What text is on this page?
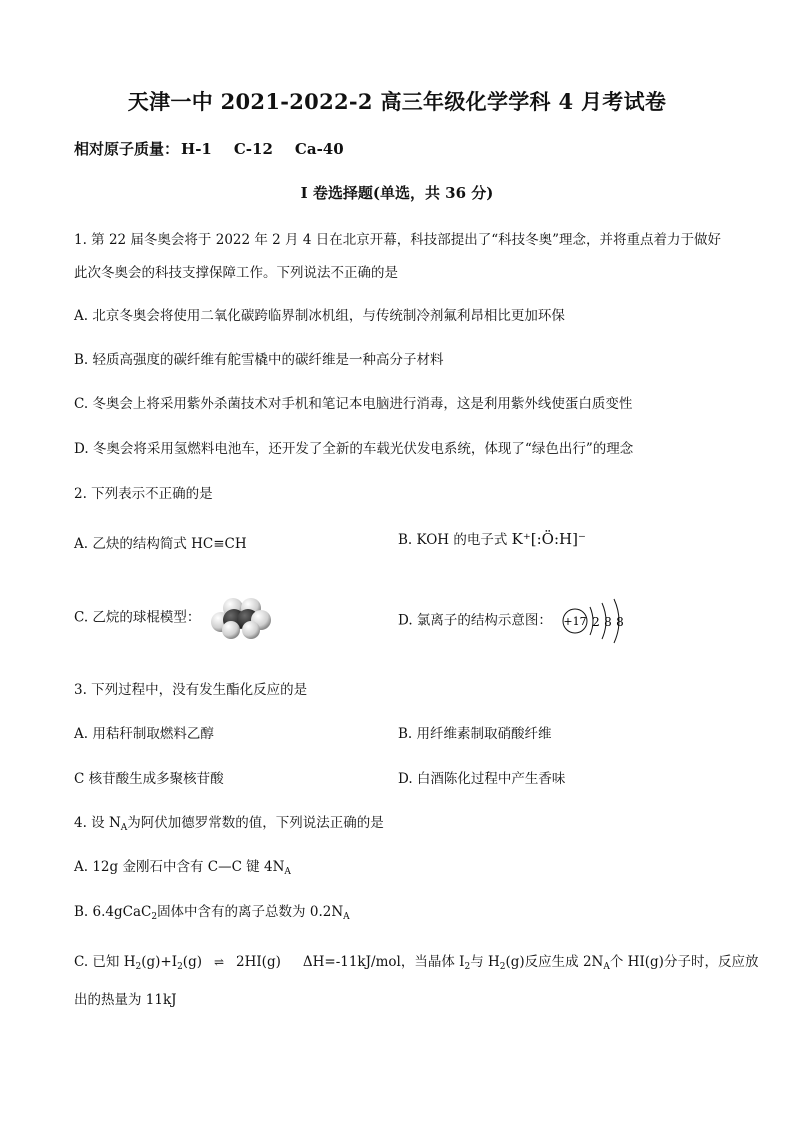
天津一中 2021-2022-2 高三年级化学学科 4 月考试卷
相对原子质量： H-1 C-12 Ca-40
I 卷选择题(单选，共 36 分)
1. 第 22 届冬奥会将于 2022 年 2 月 4 日在北京开幕，科技部提出了“科技冬奥”理念，并将重点着力于做好
此次冬奥会的科技支撑保障工作。下列说法不正确的是
A. 北京冬奥会将使用二氧化碳跨临界制冰机组，与传统制冷剂氟利昂相比更加环保
B. 轻质高强度的碳纤维有舵雪橇中的碳纤维是一种高分子材料
C. 冬奥会上将采用紫外杀菌技术对手机和笔记本电脑进行消毒，这是利用紫外线使蛋白质变性
D. 冬奥会将采用氢燃料电池车，还开发了全新的车载光伏发电系统，体现了“绿色出行”的理念
2. 下列表示不正确的是
A. 乙炔的结构简式 HC≡CH	B. KOH 的电子式 K⁺[:Ö:H]⁻
C. 乙烷的球棍模型：	D. 氯离子的结构示意图： +17 2 8 8
3. 下列过程中，没有发生酯化反应的是
A. 用秸秆制取燃料乙醇	B. 用纤维素制取硝酸纤维
C 核苷酸生成多聚核苷酸	D. 白酒陈化过程中产生香味
4. 设 $N_A$为阿伏加德罗常数的值，下列说法正确的是
A. 12g 金刚石中含有 C—C 键 $4N_A$
B. 6.4gCaC$_2$固体中含有的离子总数为 $0.2N_A$
C. 已知 $H_2(g)+I_2(g)$ ⇌ 2HI(g) ΔH=-11kJ/mol，当晶体 $I_2$与 $H_2(g)$反应生成 $2N_A$个 HI(g)分子时，反应放
出的热量为 11kJ
